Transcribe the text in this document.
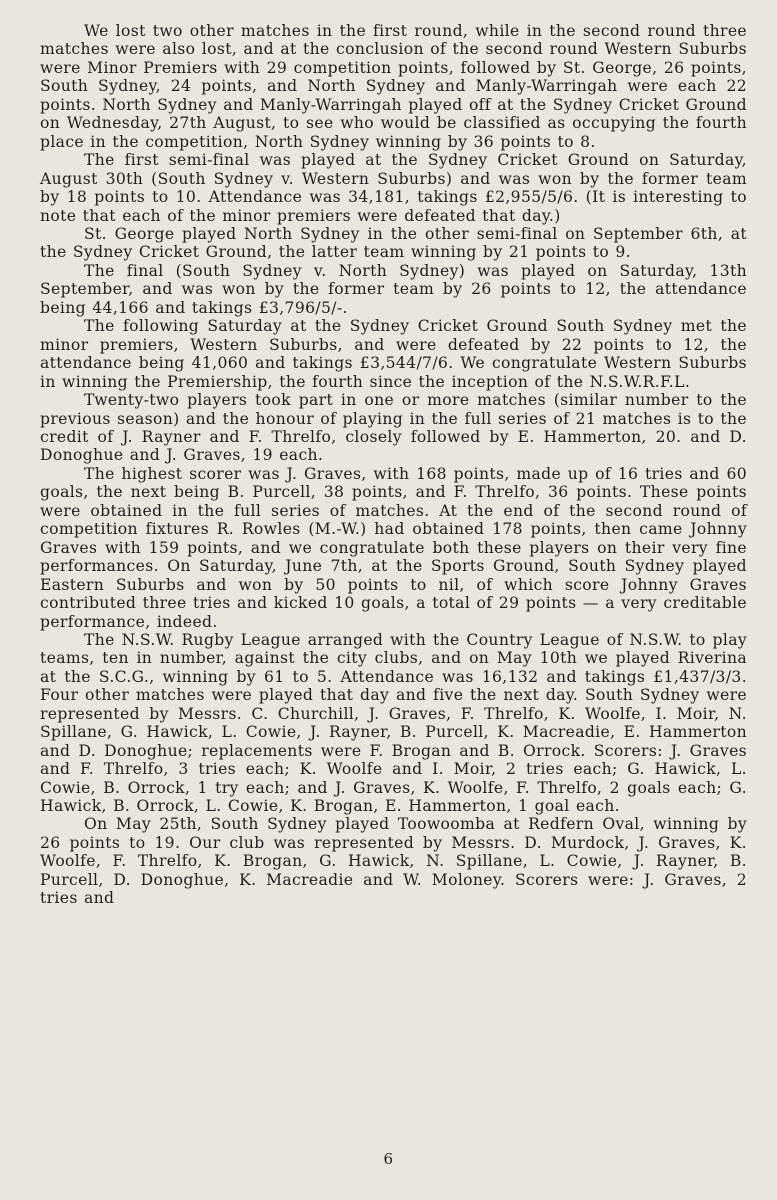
We lost two other matches in the first round, while in the second round three matches were also lost, and at the conclusion of the second round Western Suburbs were Minor Premiers with 29 competition points, followed by St. George, 26 points, South Sydney, 24 points, and North Sydney and Manly-Warringah were each 22 points. North Sydney and Manly-Warringah played off at the Sydney Cricket Ground on Wednesday, 27th August, to see who would be classified as occupying the fourth place in the competition, North Sydney winning by 36 points to 8.

The first semi-final was played at the Sydney Cricket Ground on Saturday, August 30th (South Sydney v. Western Suburbs) and was won by the former team by 18 points to 10. Attendance was 34,181, takings £2,955/5/6. (It is interesting to note that each of the minor premiers were defeated that day.)

St. George played North Sydney in the other semi-final on September 6th, at the Sydney Cricket Ground, the latter team winning by 21 points to 9.

The final (South Sydney v. North Sydney) was played on Saturday, 13th September, and was won by the former team by 26 points to 12, the attendance being 44,166 and takings £3,796/5/-.

The following Saturday at the Sydney Cricket Ground South Sydney met the minor premiers, Western Suburbs, and were defeated by 22 points to 12, the attendance being 41,060 and takings £3,544/7/6. We congratulate Western Suburbs in winning the Premiership, the fourth since the inception of the N.S.W.R.F.L.

Twenty-two players took part in one or more matches (similar number to the previous season) and the honour of playing in the full series of 21 matches is to the credit of J. Rayner and F. Threlfo, closely followed by E. Hammerton, 20. and D. Donoghue and J. Graves, 19 each.

The highest scorer was J. Graves, with 168 points, made up of 16 tries and 60 goals, the next being B. Purcell, 38 points, and F. Threlfo, 36 points. These points were obtained in the full series of matches. At the end of the second round of competition fixtures R. Rowles (M.-W.) had obtained 178 points, then came Johnny Graves with 159 points, and we congratulate both these players on their very fine performances. On Saturday, June 7th, at the Sports Ground, South Sydney played Eastern Suburbs and won by 50 points to nil, of which score Johnny Graves contributed three tries and kicked 10 goals, a total of 29 points — a very creditable performance, indeed.

The N.S.W. Rugby League arranged with the Country League of N.S.W. to play teams, ten in number, against the city clubs, and on May 10th we played Riverina at the S.C.G., winning by 61 to 5. Attendance was 16,132 and takings £1,437/3/3. Four other matches were played that day and five the next day. South Sydney were represented by Messrs. C. Churchill, J. Graves, F. Threlfo, K. Woolfe, I. Moir, N. Spillane, G. Hawick, L. Cowie, J. Rayner, B. Purcell, K. Macreadie, E. Hammerton and D. Donoghue; replacements were F. Brogan and B. Orrock. Scorers: J. Graves and F. Threlfo, 3 tries each; K. Woolfe and I. Moir, 2 tries each; G. Hawick, L. Cowie, B. Orrock, 1 try each; and J. Graves, K. Woolfe, F. Threlfo, 2 goals each; G. Hawick, B. Orrock, L. Cowie, K. Brogan, E. Hammerton, 1 goal each.

On May 25th, South Sydney played Toowoomba at Redfern Oval, winning by 26 points to 19. Our club was represented by Messrs. D. Murdock, J. Graves, K. Woolfe, F. Threlfo, K. Brogan, G. Hawick, N. Spillane, L. Cowie, J. Rayner, B. Purcell, D. Donoghue, K. Macreadie and W. Moloney. Scorers were: J. Graves, 2 tries and

6
